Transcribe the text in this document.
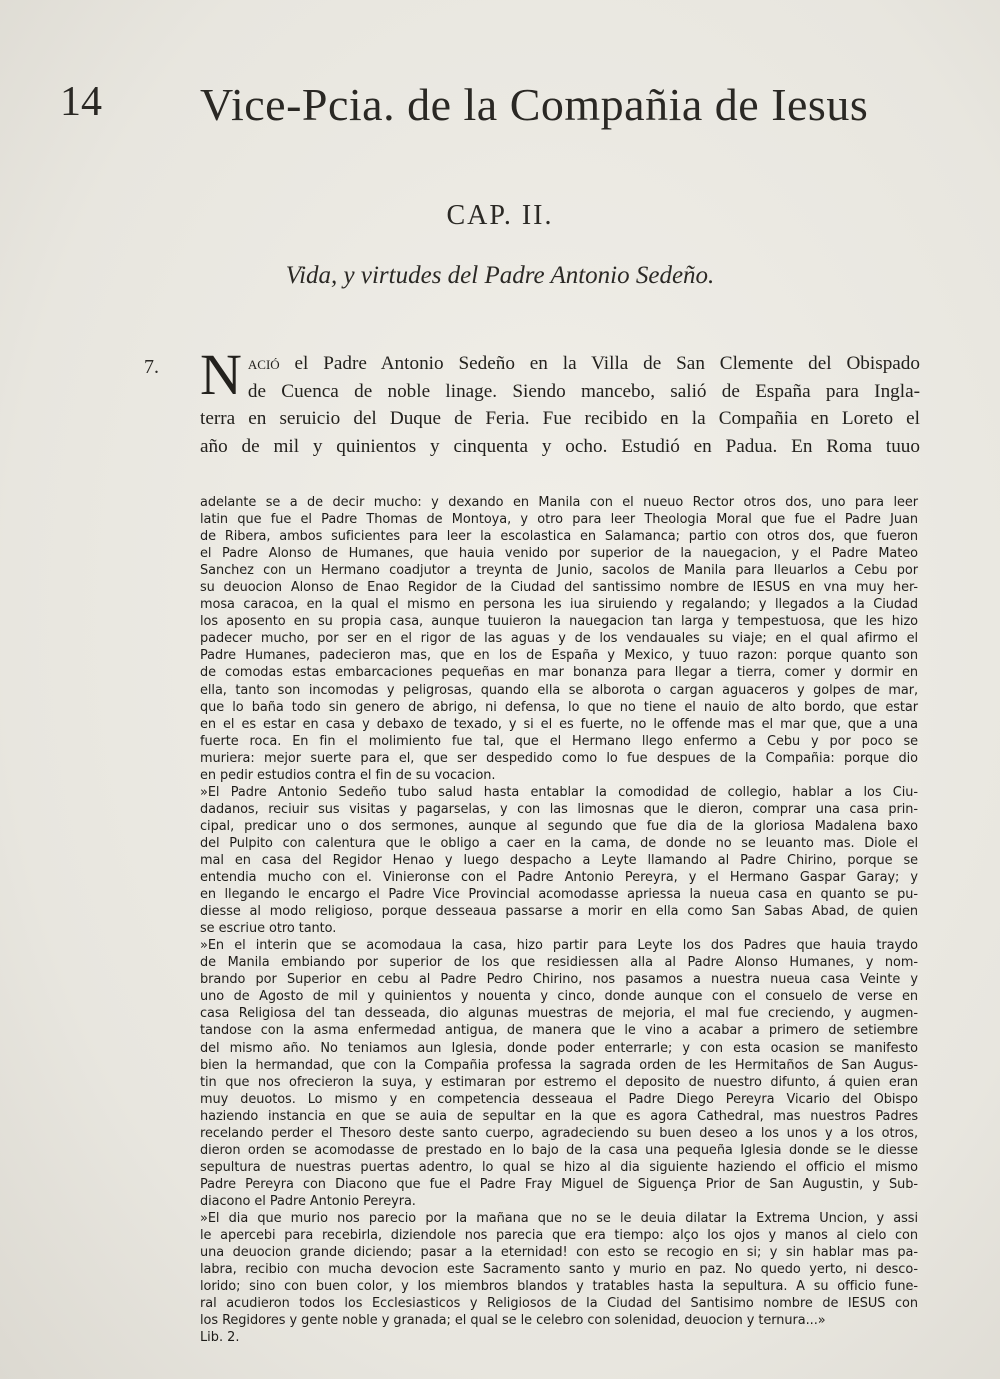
14 Vice-Pcia. de la Compañia de Iesus
CAP. II.
Vida, y virtudes del Padre Antonio Sedeño.
7. N ació el Padre Antonio Sedeño en la Villa de San Clemente del Obispado
de Cuenca de noble linage. Siendo mancebo, salió de España para Ingla-
terra en seruicio del Duque de Feria. Fue recibido en la Compañia en Loreto el
año de mil y quinientos y cinquenta y ocho. Estudió en Padua. En Roma tuuo
adelante se a de decir mucho: y dexando en Manila con el nueuo Rector otros dos, uno para leer
latin que fue el Padre Thomas de Montoya, y otro para leer Theologia Moral que fue el Padre Juan
de Ribera, ambos suficientes para leer la escolastica en Salamanca; partio con otros dos, que fueron
el Padre Alonso de Humanes, que hauia venido por superior de la nauegacion, y el Padre Mateo
Sanchez con un Hermano coadjutor a treynta de Junio, sacolos de Manila para lleuarlos a Cebu por
su deuocion Alonso de Enao Regidor de la Ciudad del santissimo nombre de IESUS en vna muy her-
mosa caracoa, en la qual el mismo en persona les iua siruiendo y regalando; y llegados a la Ciudad
los aposento en su propia casa, aunque tuuieron la nauegacion tan larga y tempestuosa, que les hizo
padecer mucho, por ser en el rigor de las aguas y de los vendauales su viaje; en el qual afirmo el
Padre Humanes, padecieron mas, que en los de España y Mexico, y tuuo razon: porque quanto son
de comodas estas embarcaciones pequeñas en mar bonanza para llegar a tierra, comer y dormir en
ella, tanto son incomodas y peligrosas, quando ella se alborota o cargan aguaceros y golpes de mar,
que lo baña todo sin genero de abrigo, ni defensa, lo que no tiene el nauio de alto bordo, que estar
en el es estar en casa y debaxo de texado, y si el es fuerte, no le offende mas el mar que, que a una
fuerte roca. En fin el molimiento fue tal, que el Hermano llego enfermo a Cebu y por poco se
muriera: mejor suerte para el, que ser despedido como lo fue despues de la Compañia: porque dio
en pedir estudios contra el fin de su vocacion.
»El Padre Antonio Sedeño tubo salud hasta entablar la comodidad de collegio, hablar a los Ciu-
dadanos, reciuir sus visitas y pagarselas, y con las limosnas que le dieron, comprar una casa prin-
cipal, predicar uno o dos sermones, aunque al segundo que fue dia de la gloriosa Madalena baxo
del Pulpito con calentura que le obligo a caer en la cama, de donde no se leuanto mas. Diole el
mal en casa del Regidor Henao y luego despacho a Leyte llamando al Padre Chirino, porque se
entendia mucho con el. Vinieronse con el Padre Antonio Pereyra, y el Hermano Gaspar Garay; y
en llegando le encargo el Padre Vice Provincial acomodasse apriessa la nueua casa en quanto se pu-
diesse al modo religioso, porque desseaua passarse a morir en ella como San Sabas Abad, de quien
se escriue otro tanto.
»En el interin que se acomodaua la casa, hizo partir para Leyte los dos Padres que hauia traydo
de Manila embiando por superior de los que residiessen alla al Padre Alonso Humanes, y nom-
brando por Superior en cebu al Padre Pedro Chirino, nos pasamos a nuestra nueua casa Veinte y
uno de Agosto de mil y quinientos y nouenta y cinco, donde aunque con el consuelo de verse en
casa Religiosa del tan desseada, dio algunas muestras de mejoria, el mal fue creciendo, y augmen-
tandose con la asma enfermedad antigua, de manera que le vino a acabar a primero de setiembre
del mismo año. No teniamos aun Iglesia, donde poder enterrarle; y con esta ocasion se manifesto
bien la hermandad, que con la Compañia professa la sagrada orden de les Hermitaños de San Augus-
tin que nos ofrecieron la suya, y estimaran por estremo el deposito de nuestro difunto, á quien eran
muy deuotos. Lo mismo y en competencia desseaua el Padre Diego Pereyra Vicario del Obispo
haziendo instancia en que se auia de sepultar en la que es agora Cathedral, mas nuestros Padres
recelando perder el Thesoro deste santo cuerpo, agradeciendo su buen deseo a los unos y a los otros,
dieron orden se acomodasse de prestado en lo bajo de la casa una pequeña Iglesia donde se le diesse
sepultura de nuestras puertas adentro, lo qual se hizo al dia siguiente haziendo el officio el mismo
Padre Pereyra con Diacono que fue el Padre Fray Miguel de Siguença Prior de San Augustin, y Sub-
diacono el Padre Antonio Pereyra.
»El dia que murio nos parecio por la mañana que no se le deuia dilatar la Extrema Uncion, y assi
le apercebi para recebirla, diziendole nos parecia que era tiempo: alço los ojos y manos al cielo con
una deuocion grande diciendo; pasar a la eternidad! con esto se recogio en si; y sin hablar mas pa-
labra, recibio con mucha devocion este Sacramento santo y murio en paz. No quedo yerto, ni desco-
lorido; sino con buen color, y los miembros blandos y tratables hasta la sepultura. A su officio fune-
ral acudieron todos los Ecclesiasticos y Religiosos de la Ciudad del Santisimo nombre de IESUS con
los Regidores y gente noble y granada; el qual se le celebro con solenidad, deuocion y ternura...»
Lib. 2.
